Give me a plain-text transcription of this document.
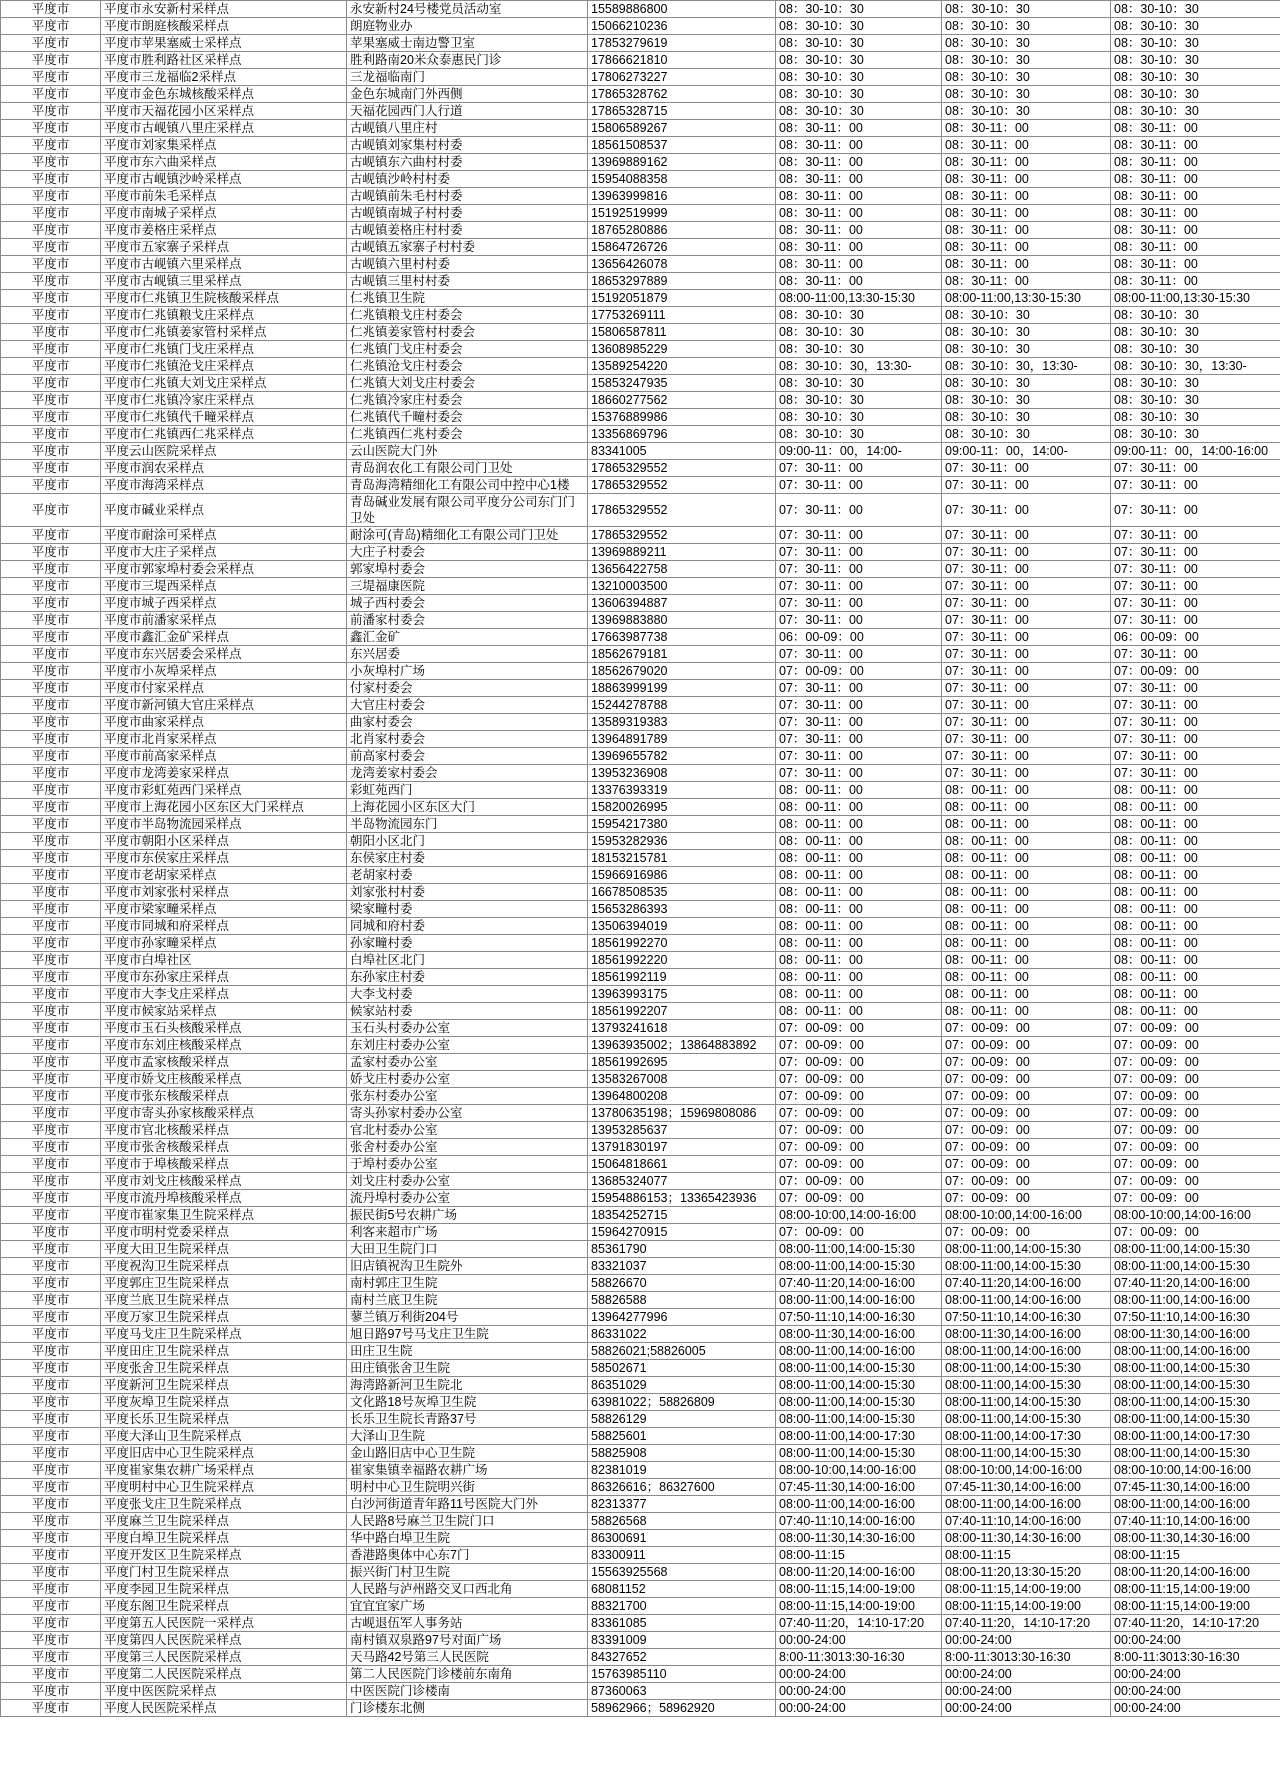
平度市	平度市永安新村采样点	永安新村24号楼党员活动室	15589886800	08：30-10：30	08：30-10：30	08：30-10：30
平度市	平度市朗庭核酸采样点	朗庭物业办	15066210236	08：30-10：30	08：30-10：30	08：30-10：30
平度市	平度市苹果塞威士采样点	苹果塞威士南边警卫室	17853279619	08：30-10：30	08：30-10：30	08：30-10：30
平度市	平度市胜利路社区采样点	胜利路南20米众泰惠民门诊	17866621810	08：30-10：30	08：30-10：30	08：30-10：30
平度市	平度市三龙福临2采样点	三龙福临南门	17806273227	08：30-10：30	08：30-10：30	08：30-10：30
平度市	平度市金色东城核酸采样点	金色东城南门外西侧	17865328762	08：30-10：30	08：30-10：30	08：30-10：30
平度市	平度市天福花园小区采样点	天福花园西门人行道	17865328715	08：30-10：30	08：30-10：30	08：30-10：30
平度市	平度市古岘镇八里庄采样点	古岘镇八里庄村	15806589267	08：30-11：00	08：30-11：00	08：30-11：00
平度市	平度市刘家集采样点	古岘镇刘家集村村委	18561508537	08：30-11：00	08：30-11：00	08：30-11：00
平度市	平度市东六曲采样点	古岘镇东六曲村村委	13969889162	08：30-11：00	08：30-11：00	08：30-11：00
平度市	平度市古岘镇沙岭采样点	古岘镇沙岭村村委	15954088358	08：30-11：00	08：30-11：00	08：30-11：00
平度市	平度市前朱毛采样点	古岘镇前朱毛村村委	13963999816	08：30-11：00	08：30-11：00	08：30-11：00
平度市	平度市南城子采样点	古岘镇南城子村村委	15192519999	08：30-11：00	08：30-11：00	08：30-11：00
平度市	平度市姜格庄采样点	古岘镇姜格庄村村委	18765280886	08：30-11：00	08：30-11：00	08：30-11：00
平度市	平度市五家寨子采样点	古岘镇五家寨子村村委	15864726726	08：30-11：00	08：30-11：00	08：30-11：00
平度市	平度市古岘镇六里采样点	古岘镇六里村村委	13656426078	08：30-11：00	08：30-11：00	08：30-11：00
平度市	平度市古岘镇三里采样点	古岘镇三里村村委	18653297889	08：30-11：00	08：30-11：00	08：30-11：00
平度市	平度市仁兆镇卫生院核酸采样点	仁兆镇卫生院	15192051879	08:00-11:00,13:30-15:30	08:00-11:00,13:30-15:30	08:00-11:00,13:30-15:30
平度市	平度市仁兆镇粮戈庄采样点	仁兆镇粮戈庄村委会	17753269111	08：30-10：30	08：30-10：30	08：30-10：30
平度市	平度市仁兆镇姜家管村采样点	仁兆镇姜家管村村委会	15806587811	08：30-10：30	08：30-10：30	08：30-10：30
平度市	平度市仁兆镇门戈庄采样点	仁兆镇门戈庄村委会	13608985229	08：30-10：30	08：30-10：30	08：30-10：30
平度市	平度市仁兆镇沧戈庄采样点	仁兆镇沧戈庄村委会	13589254220	08：30-10：30，13:30-	08：30-10：30，13:30-	08：30-10：30，13:30-
平度市	平度市仁兆镇大刘戈庄采样点	仁兆镇大刘戈庄村委会	15853247935	08：30-10：30	08：30-10：30	08：30-10：30
平度市	平度市仁兆镇冷家庄采样点	仁兆镇冷家庄村委会	18660277562	08：30-10：30	08：30-10：30	08：30-10：30
平度市	平度市仁兆镇代千疃采样点	仁兆镇代千疃村委会	15376889986	08：30-10：30	08：30-10：30	08：30-10：30
平度市	平度市仁兆镇西仁兆采样点	仁兆镇西仁兆村委会	13356869796	08：30-10：30	08：30-10：30	08：30-10：30
平度市	平度云山医院采样点	云山医院大门外	83341005	09:00-11：00，14:00-	09:00-11：00，14:00-	09:00-11：00，14:00-16:00
平度市	平度市润农采样点	青岛润农化工有限公司门卫处	17865329552	07：30-11：00	07：30-11：00	07：30-11：00
平度市	平度市海湾采样点	青岛海湾精细化工有限公司中控中心1楼	17865329552	07：30-11：00	07：30-11：00	07：30-11：00
平度市	平度市碱业采样点	青岛碱业发展有限公司平度分公司东门门卫处	17865329552	07：30-11：00	07：30-11：00	07：30-11：00
平度市	平度市耐涂可采样点	耐涂可(青岛)精细化工有限公司门卫处	17865329552	07：30-11：00	07：30-11：00	07：30-11：00
平度市	平度市大庄子采样点	大庄子村委会	13969889211	07：30-11：00	07：30-11：00	07：30-11：00
平度市	平度市郭家埠村委会采样点	郭家埠村委会	13656422758	07：30-11：00	07：30-11：00	07：30-11：00
平度市	平度市三堤西采样点	三堤福康医院	13210003500	07：30-11：00	07：30-11：00	07：30-11：00
平度市	平度市城子西采样点	城子西村委会	13606394887	07：30-11：00	07：30-11：00	07：30-11：00
平度市	平度市前潘家采样点	前潘家村委会	13969883880	07：30-11：00	07：30-11：00	07：30-11：00
平度市	平度市鑫汇金矿采样点	鑫汇金矿	17663987738	06：00-09：00	07：30-11：00	06：00-09：00
平度市	平度市东兴居委会采样点	东兴居委	18562679181	07：30-11：00	07：30-11：00	07：30-11：00
平度市	平度市小灰埠采样点	小灰埠村广场	18562679020	07：00-09：00	07：30-11：00	07：00-09：00
平度市	平度市付家采样点	付家村委会	18863999199	07：30-11：00	07：30-11：00	07：30-11：00
平度市	平度市新河镇大官庄采样点	大官庄村委会	15244278788	07：30-11：00	07：30-11：00	07：30-11：00
平度市	平度市曲家采样点	曲家村委会	13589319383	07：30-11：00	07：30-11：00	07：30-11：00
平度市	平度市北肖家采样点	北肖家村委会	13964891789	07：30-11：00	07：30-11：00	07：30-11：00
平度市	平度市前高家采样点	前高家村委会	13969655782	07：30-11：00	07：30-11：00	07：30-11：00
平度市	平度市龙湾姜家采样点	龙湾姜家村委会	13953236908	07：30-11：00	07：30-11：00	07：30-11：00
平度市	平度市彩虹苑西门采样点	彩虹苑西门	13376393319	08：00-11：00	08：00-11：00	08：00-11：00
平度市	平度市上海花园小区东区大门采样点	上海花园小区东区大门	15820026995	08：00-11：00	08：00-11：00	08：00-11：00
平度市	平度市半岛物流园采样点	半岛物流园东门	15954217380	08：00-11：00	08：00-11：00	08：00-11：00
平度市	平度市朝阳小区采样点	朝阳小区北门	15953282936	08：00-11：00	08：00-11：00	08：00-11：00
平度市	平度市东侯家庄采样点	东侯家庄村委	18153215781	08：00-11：00	08：00-11：00	08：00-11：00
平度市	平度市老胡家采样点	老胡家村委	15966916986	08：00-11：00	08：00-11：00	08：00-11：00
平度市	平度市刘家张村采样点	刘家张村村委	16678508535	08：00-11：00	08：00-11：00	08：00-11：00
平度市	平度市梁家疃采样点	梁家疃村委	15653286393	08：00-11：00	08：00-11：00	08：00-11：00
平度市	平度市同城和府采样点	同城和府村委	13506394019	08：00-11：00	08：00-11：00	08：00-11：00
平度市	平度市孙家疃采样点	孙家疃村委	18561992270	08：00-11：00	08：00-11：00	08：00-11：00
平度市	平度市白埠社区	白埠社区北门	18561992220	08：00-11：00	08：00-11：00	08：00-11：00
平度市	平度市东孙家庄采样点	东孙家庄村委	18561992119	08：00-11：00	08：00-11：00	08：00-11：00
平度市	平度市大李戈庄采样点	大李戈村委	13963993175	08：00-11：00	08：00-11：00	08：00-11：00
平度市	平度市候家站采样点	候家站村委	18561992207	08：00-11：00	08：00-11：00	08：00-11：00
平度市	平度市玉石头核酸采样点	玉石头村委办公室	13793241618	07：00-09：00	07：00-09：00	07：00-09：00
平度市	平度市东刘庄核酸采样点	东刘庄村委办公室	13963935002；13864883892	07：00-09：00	07：00-09：00	07：00-09：00
平度市	平度市孟家核酸采样点	孟家村委办公室	18561992695	07：00-09：00	07：00-09：00	07：00-09：00
平度市	平度市娇戈庄核酸采样点	娇戈庄村委办公室	13583267008	07：00-09：00	07：00-09：00	07：00-09：00
平度市	平度市张东核酸采样点	张东村委办公室	13964800208	07：00-09：00	07：00-09：00	07：00-09：00
平度市	平度市寄头孙家核酸采样点	寄头孙家村委办公室	13780635198；15969808086	07：00-09：00	07：00-09：00	07：00-09：00
平度市	平度市官北核酸采样点	官北村委办公室	13953285637	07：00-09：00	07：00-09：00	07：00-09：00
平度市	平度市张舍核酸采样点	张舍村委办公室	13791830197	07：00-09：00	07：00-09：00	07：00-09：00
平度市	平度市于埠核酸采样点	于埠村委办公室	15064818661	07：00-09：00	07：00-09：00	07：00-09：00
平度市	平度市刘戈庄核酸采样点	刘戈庄村委办公室	13685324077	07：00-09：00	07：00-09：00	07：00-09：00
平度市	平度市流丹埠核酸采样点	流丹埠村委办公室	15954886153；13365423936	07：00-09：00	07：00-09：00	07：00-09：00
平度市	平度市崔家集卫生院采样点	振民街5号农耕广场	18354252715	08:00-10:00,14:00-16:00	08:00-10:00,14:00-16:00	08:00-10:00,14:00-16:00
平度市	平度市明村党委采样点	利客来超市广场	15964270915	07：00-09：00	07：00-09：00	07：00-09：00
平度市	平度大田卫生院采样点	大田卫生院门口	85361790	08:00-11:00,14:00-15:30	08:00-11:00,14:00-15:30	08:00-11:00,14:00-15:30
平度市	平度祝沟卫生院采样点	旧店镇祝沟卫生院外	83321037	08:00-11:00,14:00-15:30	08:00-11:00,14:00-15:30	08:00-11:00,14:00-15:30
平度市	平度郭庄卫生院采样点	南村郭庄卫生院	58826670	07:40-11:20,14:00-16:00	07:40-11:20,14:00-16:00	07:40-11:20,14:00-16:00
平度市	平度兰底卫生院采样点	南村兰底卫生院	58826588	08:00-11:00,14:00-16:00	08:00-11:00,14:00-16:00	08:00-11:00,14:00-16:00
平度市	平度万家卫生院采样点	蓼兰镇万利街204号	13964277996	07:50-11:10,14:00-16:30	07:50-11:10,14:00-16:30	07:50-11:10,14:00-16:30
平度市	平度马戈庄卫生院采样点	旭日路97号马戈庄卫生院	86331022	08:00-11:30,14:00-16:00	08:00-11:30,14:00-16:00	08:00-11:30,14:00-16:00
平度市	平度田庄卫生院采样点	田庄卫生院	58826021;58826005	08:00-11:00,14:00-16:00	08:00-11:00,14:00-16:00	08:00-11:00,14:00-16:00
平度市	平度张舍卫生院采样点	田庄镇张舍卫生院	58502671	08:00-11:00,14:00-15:30	08:00-11:00,14:00-15:30	08:00-11:00,14:00-15:30
平度市	平度新河卫生院采样点	海湾路新河卫生院北	86351029	08:00-11:00,14:00-15:30	08:00-11:00,14:00-15:30	08:00-11:00,14:00-15:30
平度市	平度灰埠卫生院采样点	文化路18号灰埠卫生院	63981022；58826809	08:00-11:00,14:00-15:30	08:00-11:00,14:00-15:30	08:00-11:00,14:00-15:30
平度市	平度长乐卫生院采样点	长乐卫生院长青路37号	58826129	08:00-11:00,14:00-15:30	08:00-11:00,14:00-15:30	08:00-11:00,14:00-15:30
平度市	平度大泽山卫生院采样点	大泽山卫生院	58825601	08:00-11:00,14:00-17:30	08:00-11:00,14:00-17:30	08:00-11:00,14:00-17:30
平度市	平度旧店中心卫生院采样点	金山路旧店中心卫生院	58825908	08:00-11:00,14:00-15:30	08:00-11:00,14:00-15:30	08:00-11:00,14:00-15:30
平度市	平度崔家集农耕广场采样点	崔家集镇幸福路农耕广场	82381019	08:00-10:00,14:00-16:00	08:00-10:00,14:00-16:00	08:00-10:00,14:00-16:00
平度市	平度明村中心卫生院采样点	明村中心卫生院明兴街	86326616；86327600	07:45-11:30,14:00-16:00	07:45-11:30,14:00-16:00	07:45-11:30,14:00-16:00
平度市	平度张戈庄卫生院采样点	白沙河街道青年路11号医院大门外	82313377	08:00-11:00,14:00-16:00	08:00-11:00,14:00-16:00	08:00-11:00,14:00-16:00
平度市	平度麻兰卫生院采样点	人民路8号麻兰卫生院门口	58826568	07:40-11:10,14:00-16:00	07:40-11:10,14:00-16:00	07:40-11:10,14:00-16:00
平度市	平度白埠卫生院采样点	华中路白埠卫生院	86300691	08:00-11:30,14:30-16:00	08:00-11:30,14:30-16:00	08:00-11:30,14:30-16:00
平度市	平度开发区卫生院采样点	香港路奥体中心东7门	83300911	08:00-11:15	08:00-11:15	08:00-11:15
平度市	平度门村卫生院采样点	振兴街门村卫生院	15563925568	08:00-11:20,14:00-16:00	08:00-11:20,13:30-15:20	08:00-11:20,14:00-16:00
平度市	平度李园卫生院采样点	人民路与泸州路交叉口西北角	68081152	08:00-11:15,14:00-19:00	08:00-11:15,14:00-19:00	08:00-11:15,14:00-19:00
平度市	平度东阁卫生院采样点	宜宜宜家广场	88321700	08:00-11:15,14:00-19:00	08:00-11:15,14:00-19:00	08:00-11:15,14:00-19:00
平度市	平度第五人民医院一采样点	古岘退伍军人事务站	83361085	07:40-11:20，14:10-17:20	07:40-11:20，14:10-17:20	07:40-11:20，14:10-17:20
平度市	平度第四人民医院采样点	南村镇双泉路97号对面广场	83391009	00:00-24:00	00:00-24:00	00:00-24:00
平度市	平度第三人民医院采样点	天马路42号第三人民医院	84327652	8:00-11:3013:30-16:30	8:00-11:3013:30-16:30	8:00-11:3013:30-16:30
平度市	平度第二人民医院采样点	第二人民医院门诊楼前东南角	15763985110	00:00-24:00	00:00-24:00	00:00-24:00
平度市	平度中医医院采样点	中医医院门诊楼南	87360063	00:00-24:00	00:00-24:00	00:00-24:00
平度市	平度人民医院采样点	门诊楼东北侧	58962966；58962920	00:00-24:00	00:00-24:00	00:00-24:00
